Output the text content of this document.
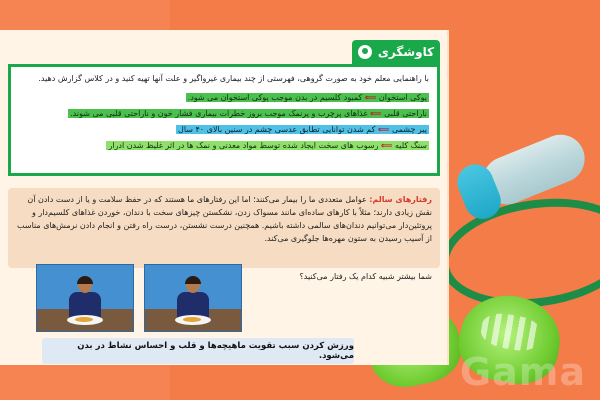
کاوشگری
با راهنمایی معلم خود به صورت گروهی، فهرستی از چند بیماری غیرواگیر و علت آنها تهیه کنید و در کلاس گزارش دهید.
پوکی استخوان ⟸ کمبود کلسیم در بدن موجب پوکی استخوان می شود.
ناراحتی قلبی ⟸ غذاهای پرچرب و پرنمک موجب بروز خطرات بیماری فشار خون و ناراحتی قلبی می شوند.
پیر چشمی ⟸ کم شدن توانایی تطابق عدسی چشم در سنین بالای ۴۰ سال
سنگ کلیه ⟸ رسوب های سخت ایجاد شده توسط مواد معدنی و نمک ها در اثر غلیظ شدن ادرار
رفتارهای سالم: عوامل متعددی ما را بیمار می‌کنند؛ اما این رفتارهای ما هستند که در حفظ سلامت و یا از دست دادن آن نقش زیادی دارند؛ مثلاً با کارهای ساده‌ای مانند مسواک زدن، نشکستن چیزهای سخت با دندان، خوردن غذاهای کلسیم‌دار و پروتئین‌دار می‌توانیم دندان‌های سالمی داشته باشیم. همچنین درست نشستن، درست راه رفتن و انجام دادن نرمش‌های مناسب از آسیب رسیدن به ستون مهره‌ها جلوگیری می‌کند.
شما بیشتر شبیه کدام یک رفتار می‌کنید؟
ورزش کردن سبب تقویت ماهیچه‌ها و قلب و احساس نشاط در بدن می‌شود.	Gama
